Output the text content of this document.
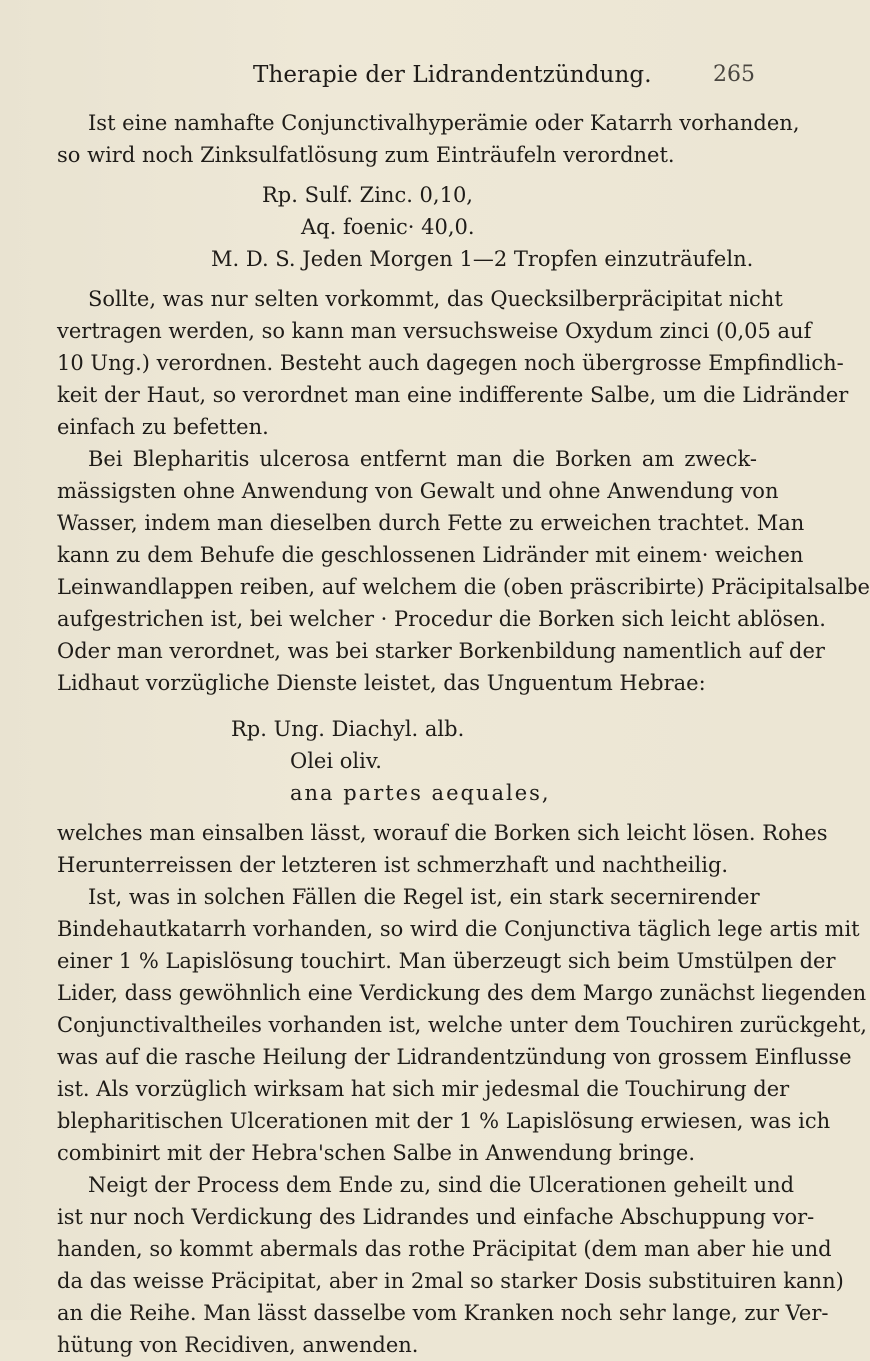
Therapie der Lidrandentzündung.	265
Ist eine namhafte Conjunctivalhyperämie oder Katarrh vorhanden,
so wird noch Zinksulfatlösung zum Einträufeln verordnet.
Rp. Sulf. Zinc. 0,10,
Aq. foenic· 40,0.
M. D. S. Jeden Morgen 1—2 Tropfen einzuträufeln.
Sollte, was nur selten vorkommt, das Quecksilberpräcipitat nicht
vertragen werden, so kann man versuchsweise Oxydum zinci (0,05 auf
10 Ung.) verordnen. Besteht auch dagegen noch übergrosse Empfindlich-
keit der Haut, so verordnet man eine indifferente Salbe, um die Lidränder
einfach zu befetten.
Bei Blepharitis ulcerosa entfernt man die Borken am zweck-
mässigsten ohne Anwendung von Gewalt und ohne Anwendung von
Wasser, indem man dieselben durch Fette zu erweichen trachtet. Man
kann zu dem Behufe die geschlossenen Lidränder mit einem· weichen
Leinwandlappen reiben, auf welchem die (oben präscribirte) Präcipitalsalbe
aufgestrichen ist, bei welcher · Procedur die Borken sich leicht ablösen.
Oder man verordnet, was bei starker Borkenbildung namentlich auf der
Lidhaut vorzügliche Dienste leistet, das Unguentum Hebrae:
Rp. Ung. Diachyl. alb.
Olei oliv.
ana partes aequales,
welches man einsalben lässt, worauf die Borken sich leicht lösen. Rohes
Herunterreissen der letzteren ist schmerzhaft und nachtheilig.
Ist, was in solchen Fällen die Regel ist, ein stark secernirender
Bindehautkatarrh vorhanden, so wird die Conjunctiva täglich lege artis mit
einer 1 % Lapislösung touchirt. Man überzeugt sich beim Umstülpen der
Lider, dass gewöhnlich eine Verdickung des dem Margo zunächst liegenden
Conjunctivaltheiles vorhanden ist, welche unter dem Touchiren zurückgeht,
was auf die rasche Heilung der Lidrandentzündung von grossem Einflusse
ist. Als vorzüglich wirksam hat sich mir jedesmal die Touchirung der
blepharitischen Ulcerationen mit der 1 % Lapislösung erwiesen, was ich
combinirt mit der Hebra'schen Salbe in Anwendung bringe.
Neigt der Process dem Ende zu, sind die Ulcerationen geheilt und
ist nur noch Verdickung des Lidrandes und einfache Abschuppung vor-
handen, so kommt abermals das rothe Präcipitat (dem man aber hie und
da das weisse Präcipitat, aber in 2mal so starker Dosis substituiren kann)
an die Reihe. Man lässt dasselbe vom Kranken noch sehr lange, zur Ver-
hütung von Recidiven, anwenden.
